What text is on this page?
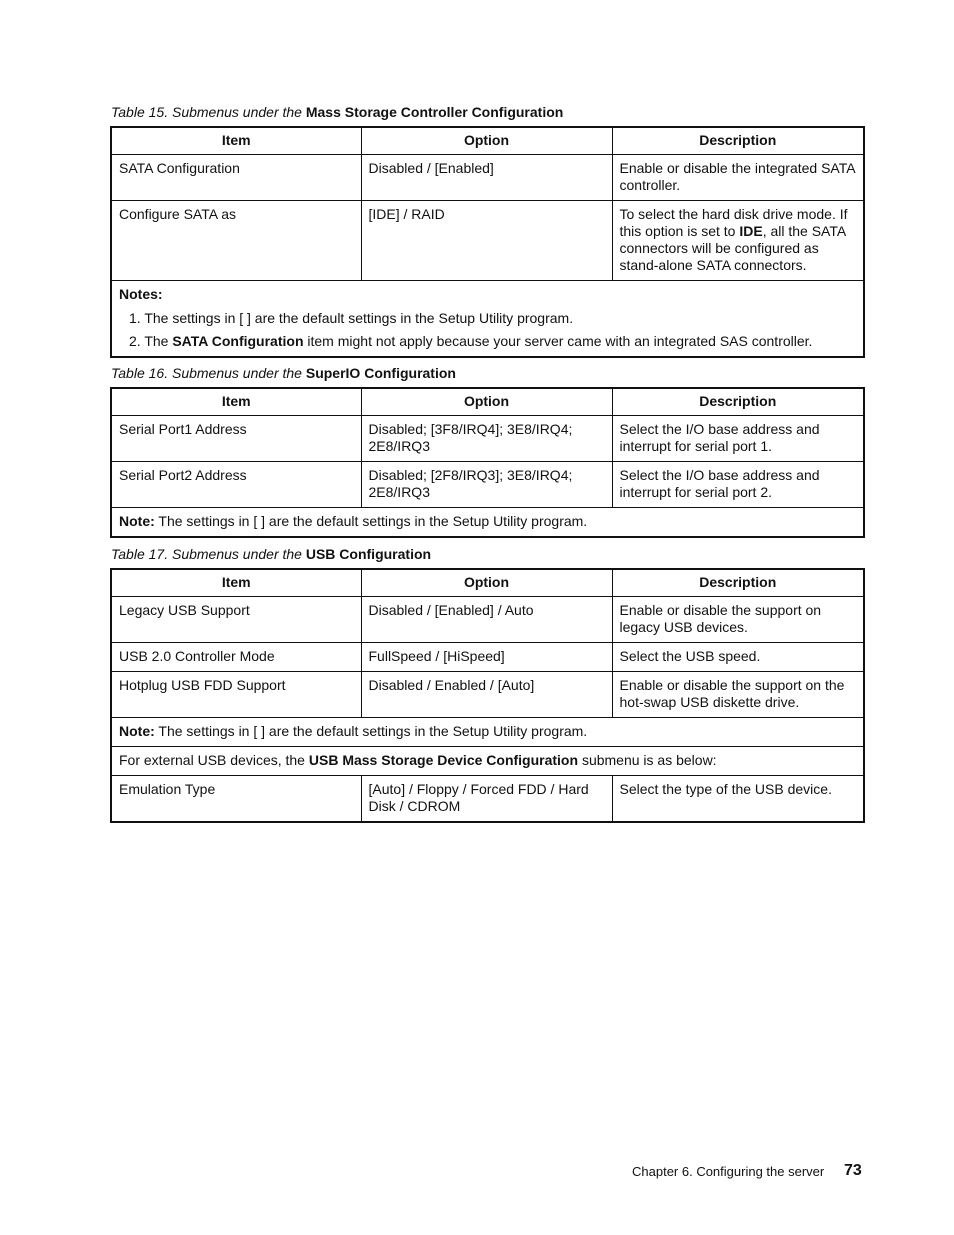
Table 15. Submenus under the Mass Storage Controller Configuration
Item	Option	Description
SATA Configuration	Disabled / [Enabled]	Enable or disable the integrated SATA controller.
Configure SATA as	[IDE] / RAID	To select the hard disk drive mode. If this option is set to IDE, all the SATA connectors will be configured as stand-alone SATA connectors.

Notes:
1. The settings in [ ] are the default settings in the Setup Utility program.
2. The SATA Configuration item might not apply because your server came with an integrated SAS controller.		
Table 16. Submenus under the SuperIO Configuration
Item	Option	Description
Serial Port1 Address	Disabled; [3F8/IRQ4]; 3E8/IRQ4; 2E8/IRQ3	Select the I/O base address and interrupt for serial port 1.
Serial Port2 Address	Disabled; [2F8/IRQ3]; 3E8/IRQ4; 2E8/IRQ3	Select the I/O base address and interrupt for serial port 2.
Note: The settings in [ ] are the default settings in the Setup Utility program.		
Table 17. Submenus under the USB Configuration
Item	Option	Description
Legacy USB Support	Disabled / [Enabled] / Auto	Enable or disable the support on legacy USB devices.
USB 2.0 Controller Mode	FullSpeed / [HiSpeed]	Select the USB speed.
Hotplug USB FDD Support	Disabled / Enabled / [Auto]	Enable or disable the support on the hot-swap USB diskette drive.
Note: The settings in [ ] are the default settings in the Setup Utility program.		
For external USB devices, the USB Mass Storage Device Configuration submenu is as below:		
Emulation Type	[Auto] / Floppy / Forced FDD / Hard Disk / CDROM	Select the type of the USB device.
Chapter 6. Configuring the server 73
